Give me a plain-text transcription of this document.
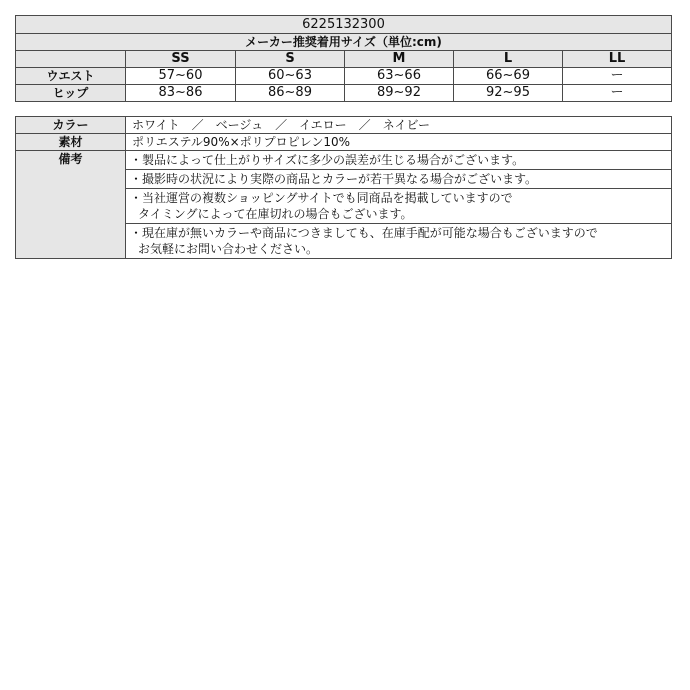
6225132300					
メーカー推奨着用サイズ（単位:cm)					
	SS	S	M	L	LL
ウエスト	57~60	60~63	63~66	66~69	ー
ヒップ	83~86	86~89	89~92	92~95	ー
カラー	ホワイト　／　ベージュ　／　イエロー　／　ネイビー
素材	ポリエステル90%×ポリプロピレン10%
備考	・製品によって仕上がりサイズに多少の誤差が生じる場合がございます。

	・撮影時の状況により実際の商品とカラーが若干異なる場合がございます。

	・当社運営の複数ショッピングサイトでも同商品を掲載していますので
タイミングによって在庫切れの場合もございます。

	・現在庫が無いカラーや商品につきましても、在庫手配が可能な場合もございますので
お気軽にお問い合わせください。
